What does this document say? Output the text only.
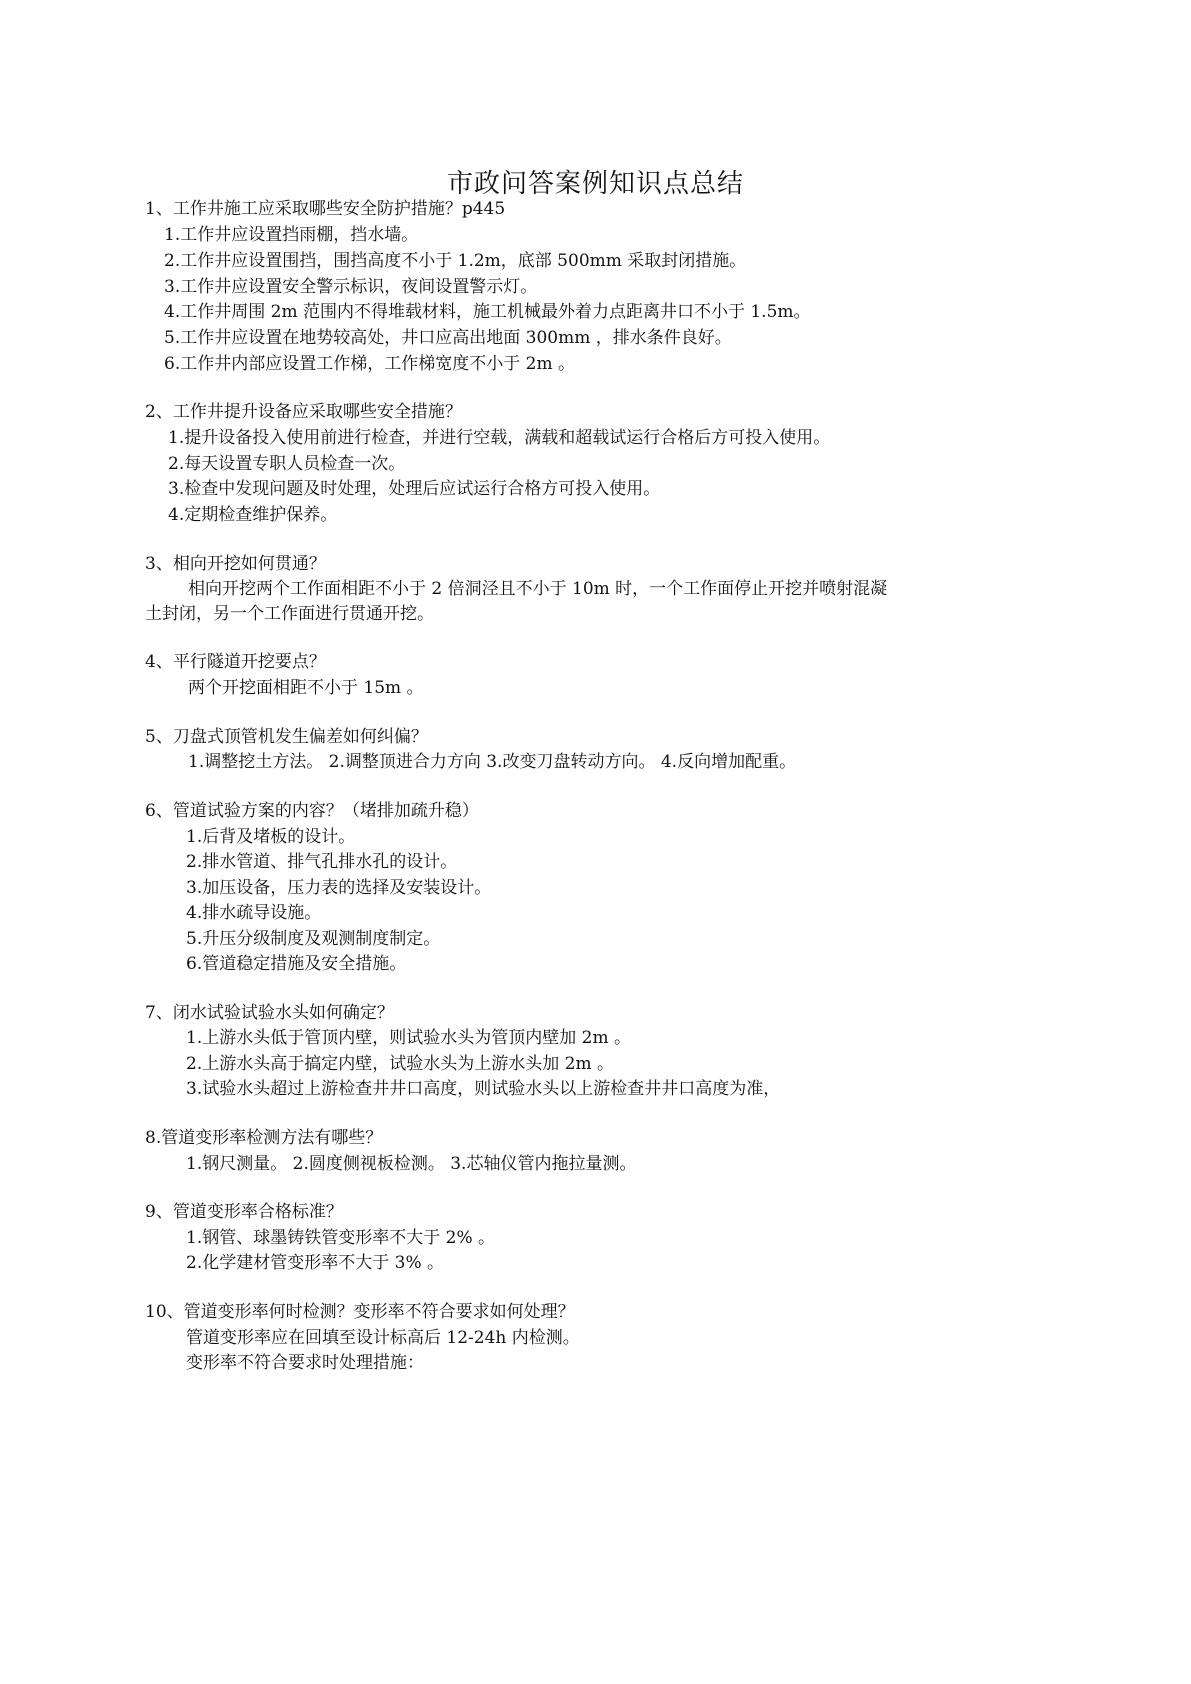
市政问答案例知识点总结
1、工作井施工应采取哪些安全防护措施？p445
1.工作井应设置挡雨棚，挡水墙。
2.工作井应设置围挡，围挡高度不小于 1.2m，底部 500mm 采取封闭措施。
3.工作井应设置安全警示标识，夜间设置警示灯。
4.工作井周围 2m 范围内不得堆载材料，施工机械最外着力点距离井口不小于 1.5m。
5.工作井应设置在地势较高处，井口应高出地面 300mm ，排水条件良好。
6.工作井内部应设置工作梯，工作梯宽度不小于 2m 。
2、工作井提升设备应采取哪些安全措施？
1.提升设备投入使用前进行检查，并进行空载，满载和超载试运行合格后方可投入使用。
2.每天设置专职人员检查一次。
3.检查中发现问题及时处理，处理后应试运行合格方可投入使用。
4.定期检查维护保养。
3、相向开挖如何贯通？
相向开挖两个工作面相距不小于 2 倍洞泾且不小于 10m 时，一个工作面停止开挖并喷射混凝
土封闭，另一个工作面进行贯通开挖。
4、平行隧道开挖要点？
两个开挖面相距不小于 15m 。
5、刀盘式顶管机发生偏差如何纠偏？
1.调整挖土方法。 2.调整顶进合力方向 3.改变刀盘转动方向。 4.反向增加配重。
6、管道试验方案的内容？（堵排加疏升稳）
1.后背及堵板的设计。
2.排水管道、排气孔排水孔的设计。
3.加压设备，压力表的选择及安装设计。
4.排水疏导设施。
5.升压分级制度及观测制度制定。
6.管道稳定措施及安全措施。
7、闭水试验试验水头如何确定？
1.上游水头低于管顶内壁，则试验水头为管顶内壁加 2m 。
2.上游水头高于搞定内壁，试验水头为上游水头加 2m 。
3.试验水头超过上游检查井井口高度，则试验水头以上游检查井井口高度为准，
8.管道变形率检测方法有哪些？
1.钢尺测量。 2.圆度侧视板检测。 3.芯轴仪管内拖拉量测。
9、管道变形率合格标准？
1.钢管、球墨铸铁管变形率不大于 2% 。
2.化学建材管变形率不大于 3% 。
10、管道变形率何时检测？变形率不符合要求如何处理？
管道变形率应在回填至设计标高后 12-24h 内检测。
变形率不符合要求时处理措施：
